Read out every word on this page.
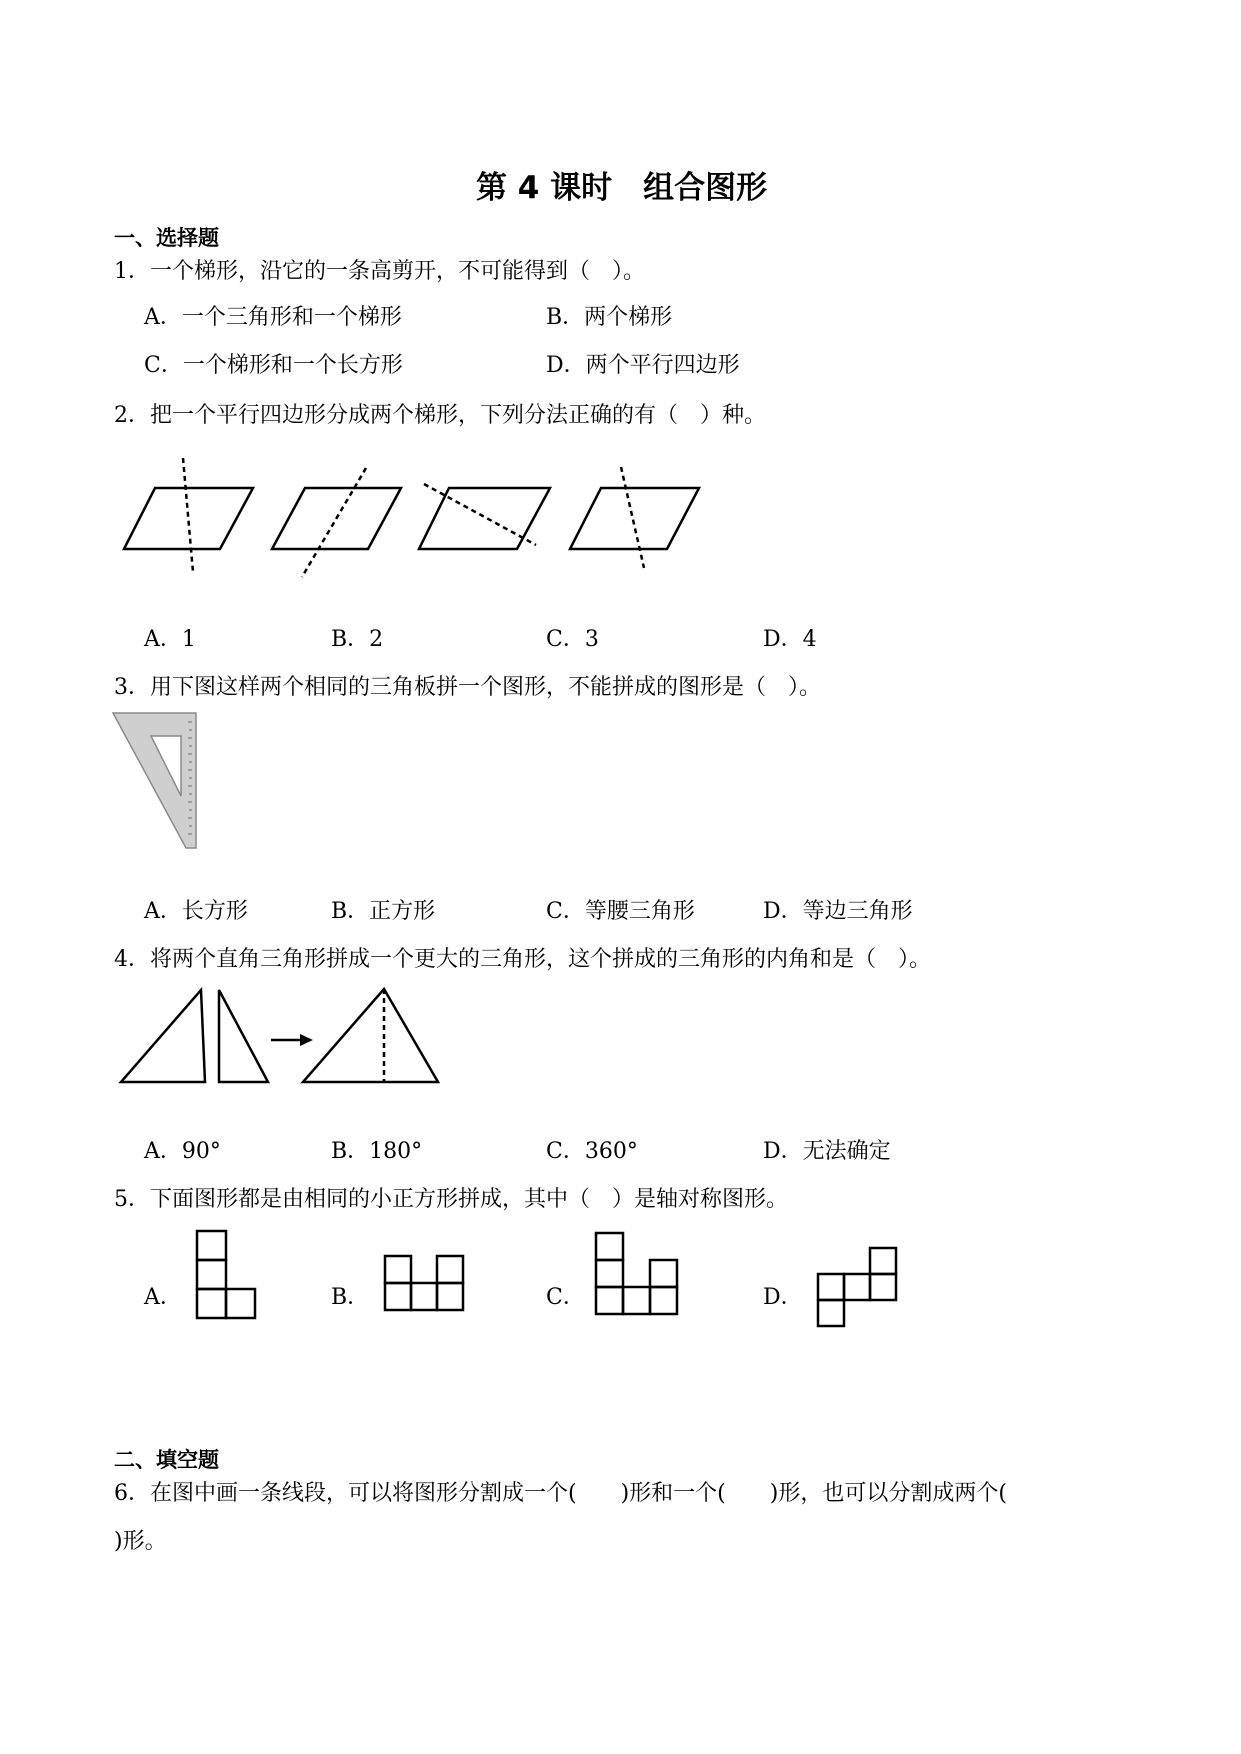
第 4 课时　组合图形
一、选择题
1．一个梯形，沿它的一条高剪开，不可能得到（　）。
A．一个三角形和一个梯形	B．两个梯形
C．一个梯形和一个长方形	D．两个平行四边形
2．把一个平行四边形分成两个梯形，下列分法正确的有（　）种。
A．1	B．2	C．3	D．4
3．用下图这样两个相同的三角板拼一个图形，不能拼成的图形是（　）。
A．长方形	B．正方形	C．等腰三角形	D．等边三角形
4．将两个直角三角形拼成一个更大的三角形，这个拼成的三角形的内角和是（　）。
A．90°	B．180°	C．360°	D．无法确定
5．下面图形都是由相同的小正方形拼成，其中（　）是轴对称图形。
A．	B．	C．	D．
二、填空题
6．在图中画一条线段，可以将图形分割成一个(　　)形和一个(　　)形，也可以分割成两个(
)形。
